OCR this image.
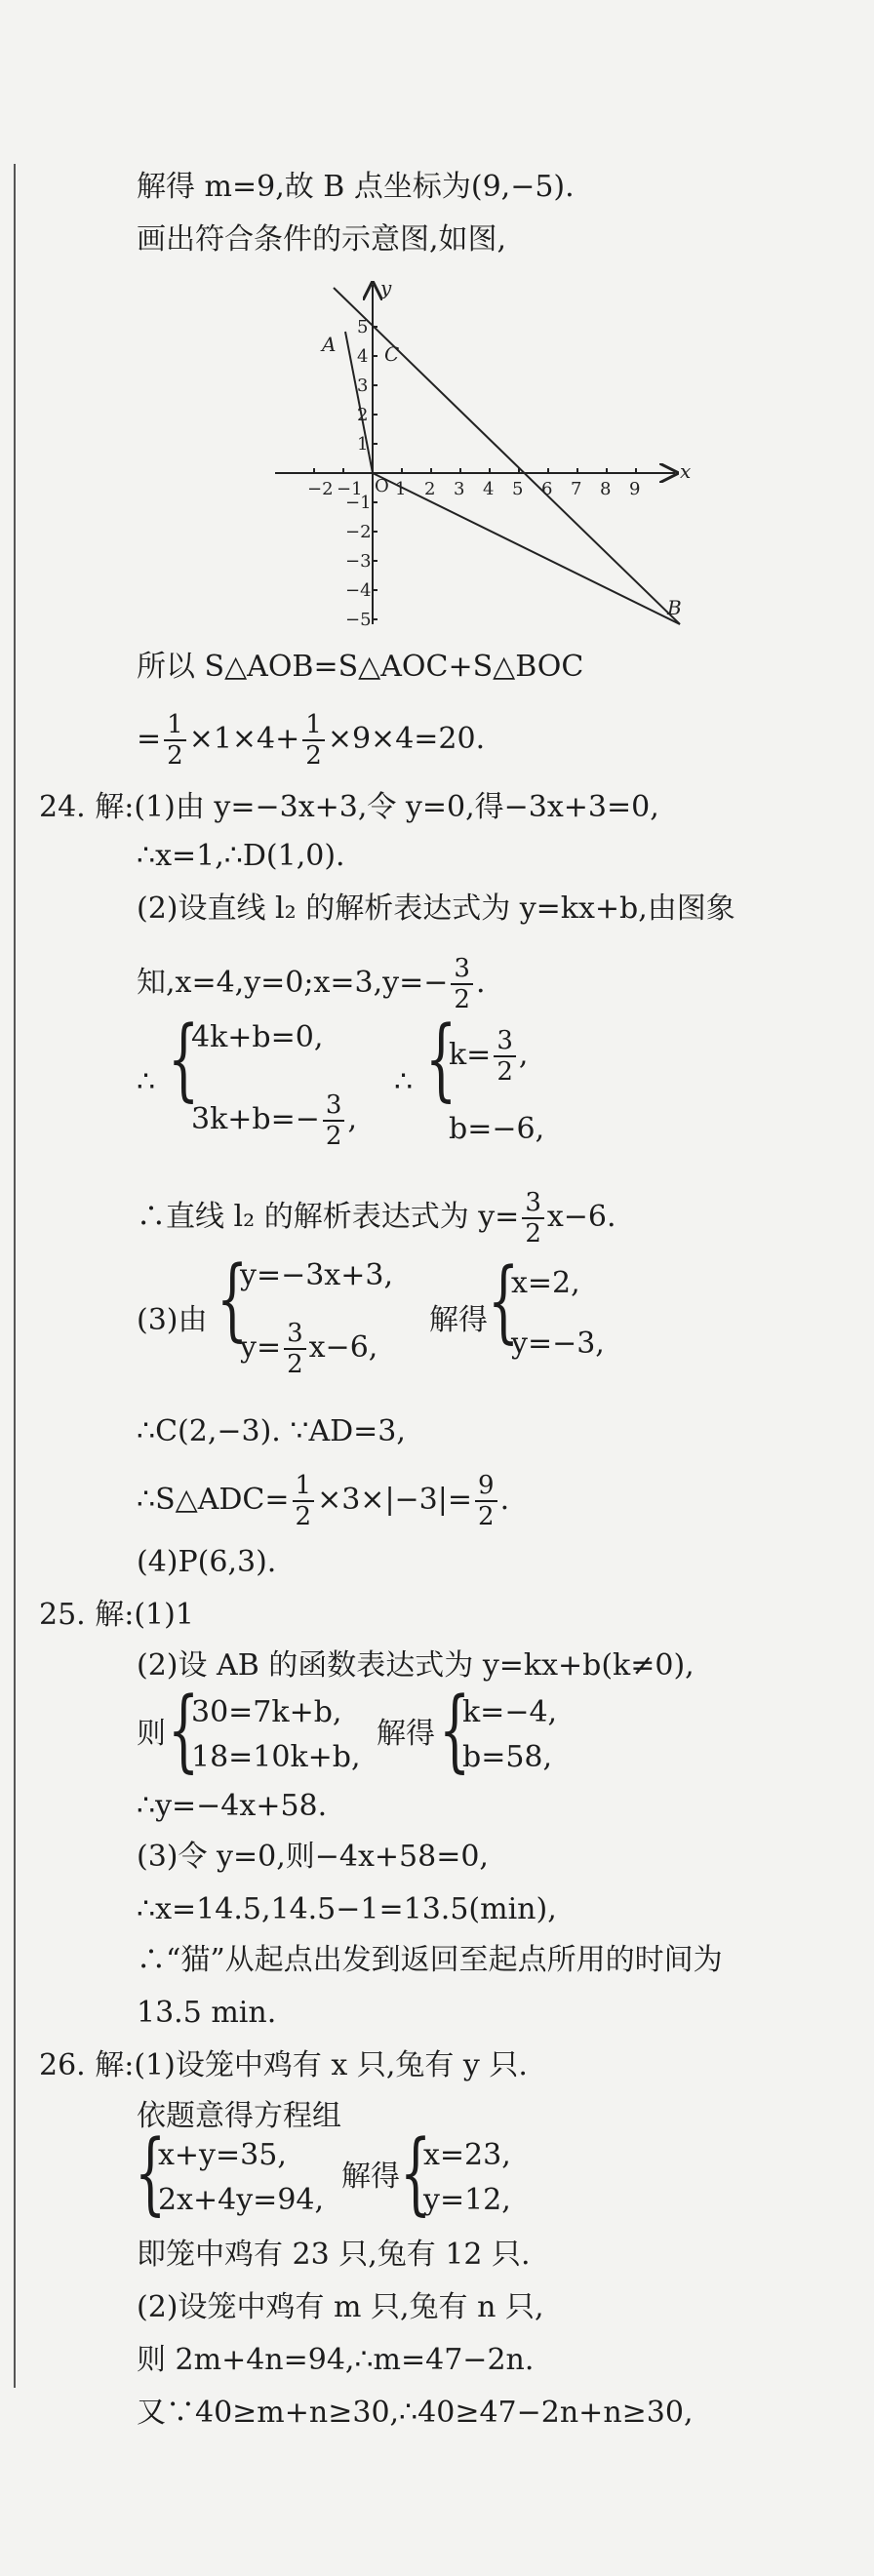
解得 m=9,故 B 点坐标为(9,−5).
画出符合条件的示意图,如图,
A C
B
x
y
O
−2 −1 1 2 3 4 5 6 7 8 9
1
2
3
4
5
−1
−2
−3
−4
−5
所以 S△AOB=S△AOC+S△BOC
= $\frac{1}{2} \times 1\times 4+ \frac{1}{2} \times 9\times 4=20$.
24. 解:(1)由 y=−3x+3,令 y=0,得−3x+3=0,
∴x=1,∴D(1,0).
(2)设直线 l₂ 的解析表达式为 y=kx+b,由图象
知,x=4,y=0;x=3,y=− $\frac{3}{2}$ .
∴ {
4k+b=0,
$3k+b=- \frac{3}{2}$ ,
∴ {
$k= \frac{3}{2}$ ,
b=−6,
∴直线 l₂ 的解析表达式为 $y= \frac{3}{2} x-6$.
(3)由 {
y=−3x+3,
$y= \frac{3}{2} x-6$,
解得 {
x=2,
y=−3,
∴C(2,−3). ∵AD=3,
∴S△ADC= $\frac{1}{2} \times 3\times|-3|= \frac{9}{2}$ .
(4)P(6,3).
25. 解:(1)1
(2)设 AB 的函数表达式为 y=kx+b(k≠0),
则 {
30=7k+b,
18=10k+b,
解得 {
k=−4,
b=58,
∴y=−4x+58.
(3)令 y=0,则−4x+58=0,
∴x=14.5,14.5−1=13.5(min),
∴“猫”从起点出发到返回至起点所用的时间为
13.5 min.
26. 解:(1)设笼中鸡有 x 只,兔有 y 只.
依题意得方程组
{
x+y=35,
2x+4y=94,
解得 {
x=23,
y=12,
即笼中鸡有 23 只,兔有 12 只.
(2)设笼中鸡有 m 只,兔有 n 只,
则 2m+4n=94,∴m=47−2n.
又∵40≥m+n≥30,∴40≥47−2n+n≥30,
